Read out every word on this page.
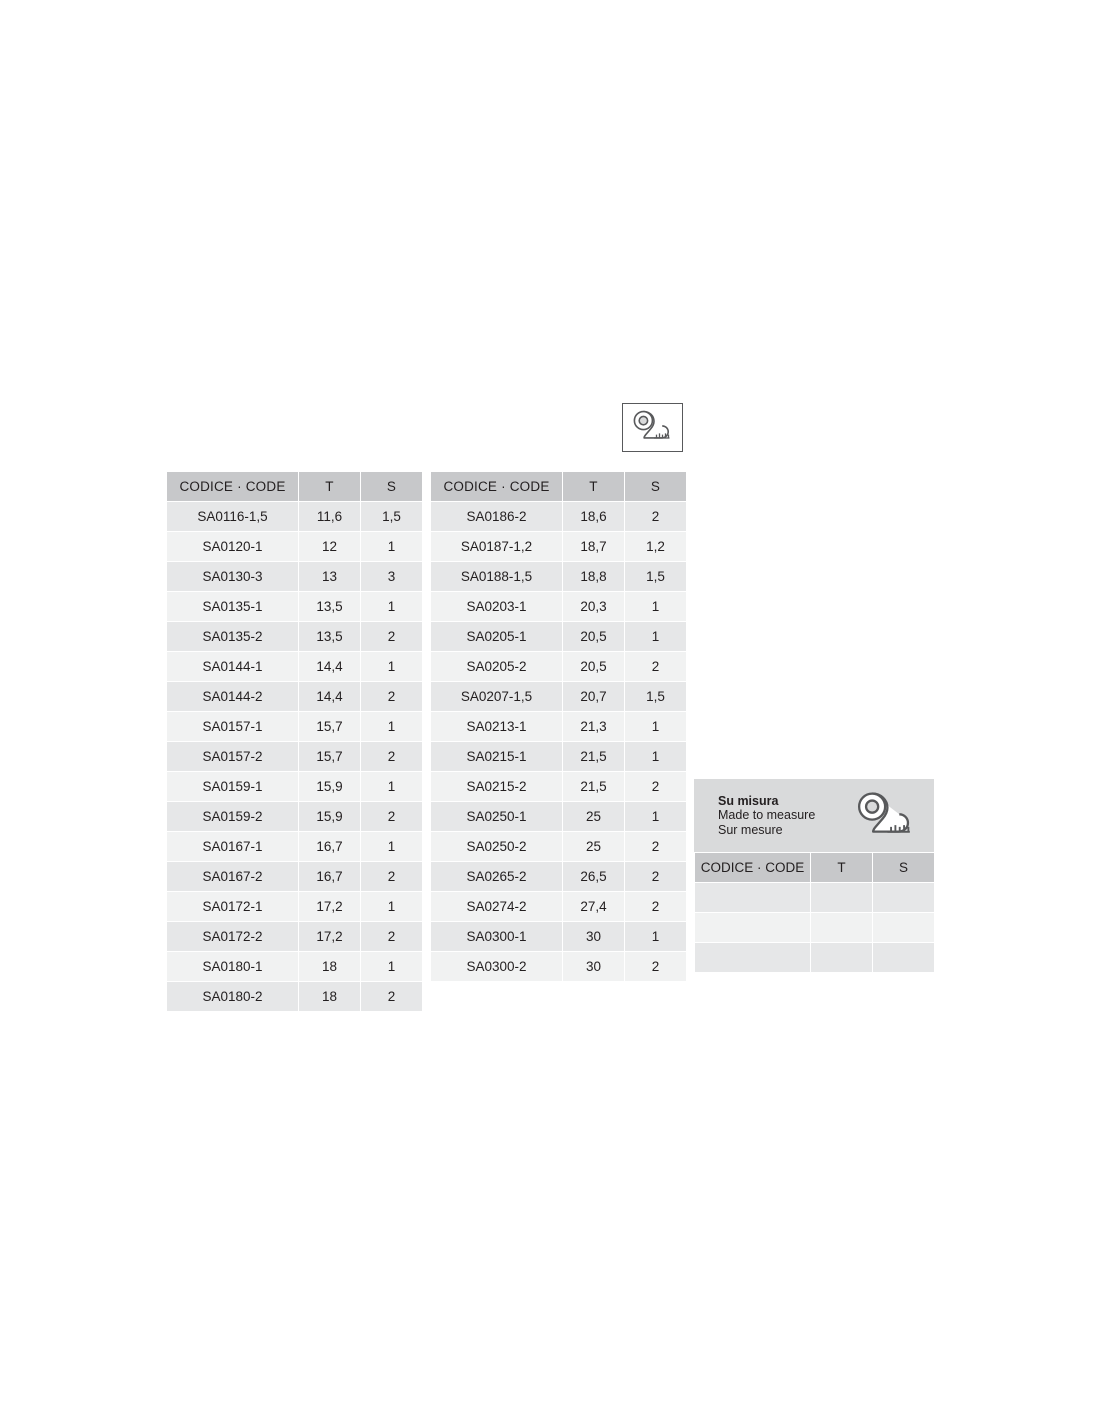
CODICE · CODE	T	S
SA0116-1,5	11,6	1,5
SA0120-1	12	1
SA0130-3	13	3
SA0135-1	13,5	1
SA0135-2	13,5	2
SA0144-1	14,4	1
SA0144-2	14,4	2
SA0157-1	15,7	1
SA0157-2	15,7	2
SA0159-1	15,9	1
SA0159-2	15,9	2
SA0167-1	16,7	1
SA0167-2	16,7	2
SA0172-1	17,2	1
SA0172-2	17,2	2
SA0180-1	18	1
SA0180-2	18	2
CODICE · CODE	T	S
SA0186-2	18,6	2
SA0187-1,2	18,7	1,2
SA0188-1,5	18,8	1,5
SA0203-1	20,3	1
SA0205-1	20,5	1
SA0205-2	20,5	2
SA0207-1,5	20,7	1,5
SA0213-1	21,3	1
SA0215-1	21,5	1
SA0215-2	21,5	2
SA0250-1	25	1
SA0250-2	25	2
SA0265-2	26,5	2
SA0274-2	27,4	2
SA0300-1	30	1
SA0300-2	30	2
Su misura
Made to measure
Sur mesure
CODICE · CODE	T	S
